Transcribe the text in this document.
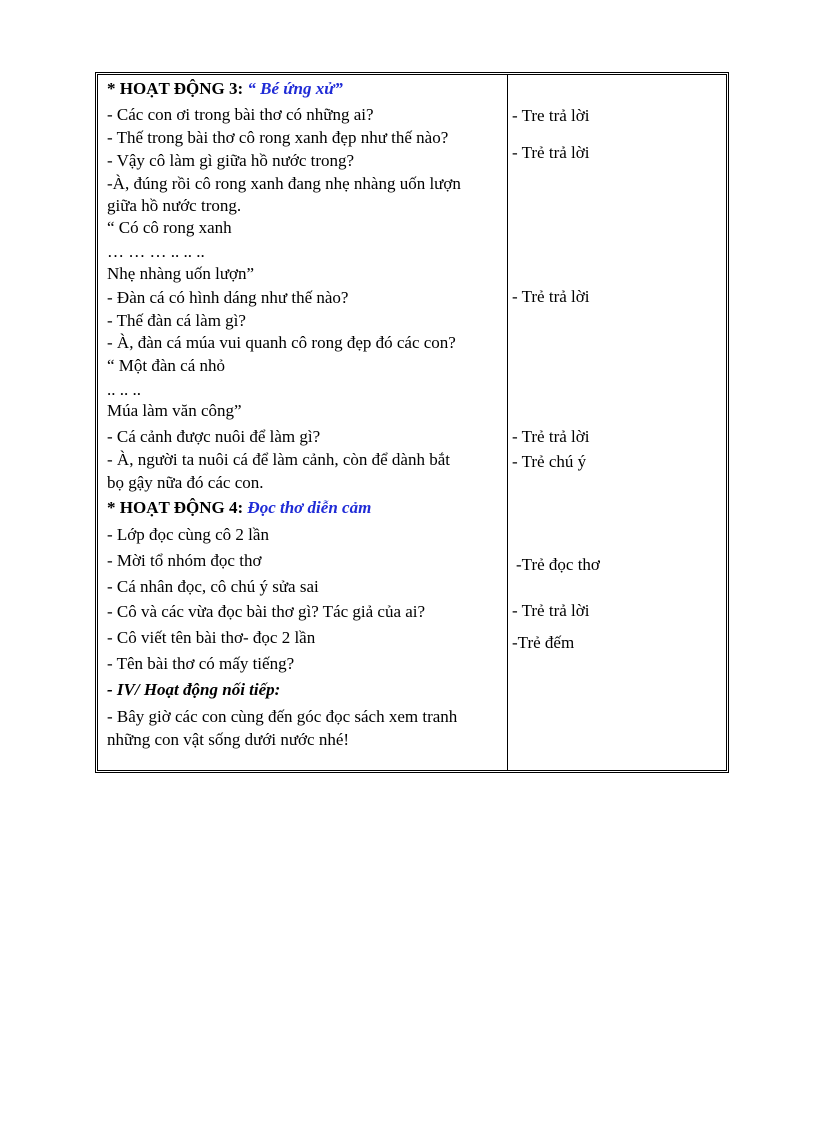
* HOẠT ĐỘNG 3: “ Bé ứng xử”
- Các con ơi trong bài thơ có những ai?
- Thế trong bài thơ cô rong xanh đẹp như thế nào?
- Vậy cô làm gì giữa hồ nước trong?
-À, đúng rồi cô rong xanh đang nhẹ nhàng uốn lượn
giữa hồ nước trong.
“ Có cô rong xanh
… … … .. .. ..
Nhẹ nhàng uốn lượn”
- Đàn cá có hình dáng như thế nào?
- Thế đàn cá làm gì?
- À, đàn cá múa vui quanh cô rong đẹp đó các con?
“ Một đàn cá nhỏ
.. .. ..
Múa làm văn công”
- Cá cảnh được nuôi để làm gì?
- À, người ta nuôi cá để làm cảnh, còn để dành bắt
bọ gậy nữa đó các con.
* HOẠT ĐỘNG 4: Đọc thơ diễn cảm
- Lớp đọc cùng cô 2 lần
- Mời tổ nhóm đọc thơ
- Cá nhân đọc, cô chú ý sửa sai
- Cô và các vừa đọc bài thơ gì? Tác giả của ai?
- Cô viết tên bài thơ- đọc 2 lần
- Tên bài thơ có mấy tiếng?
- IV/ Hoạt động nối tiếp:
- Bây giờ các con cùng đến góc đọc sách xem tranh
những con vật sống dưới nước nhé!
- Tre trả lời
- Trẻ trả lời
- Trẻ trả lời
- Trẻ trả lời
- Trẻ chú ý
-Trẻ đọc thơ
- Trẻ trả lời
-Trẻ đếm
